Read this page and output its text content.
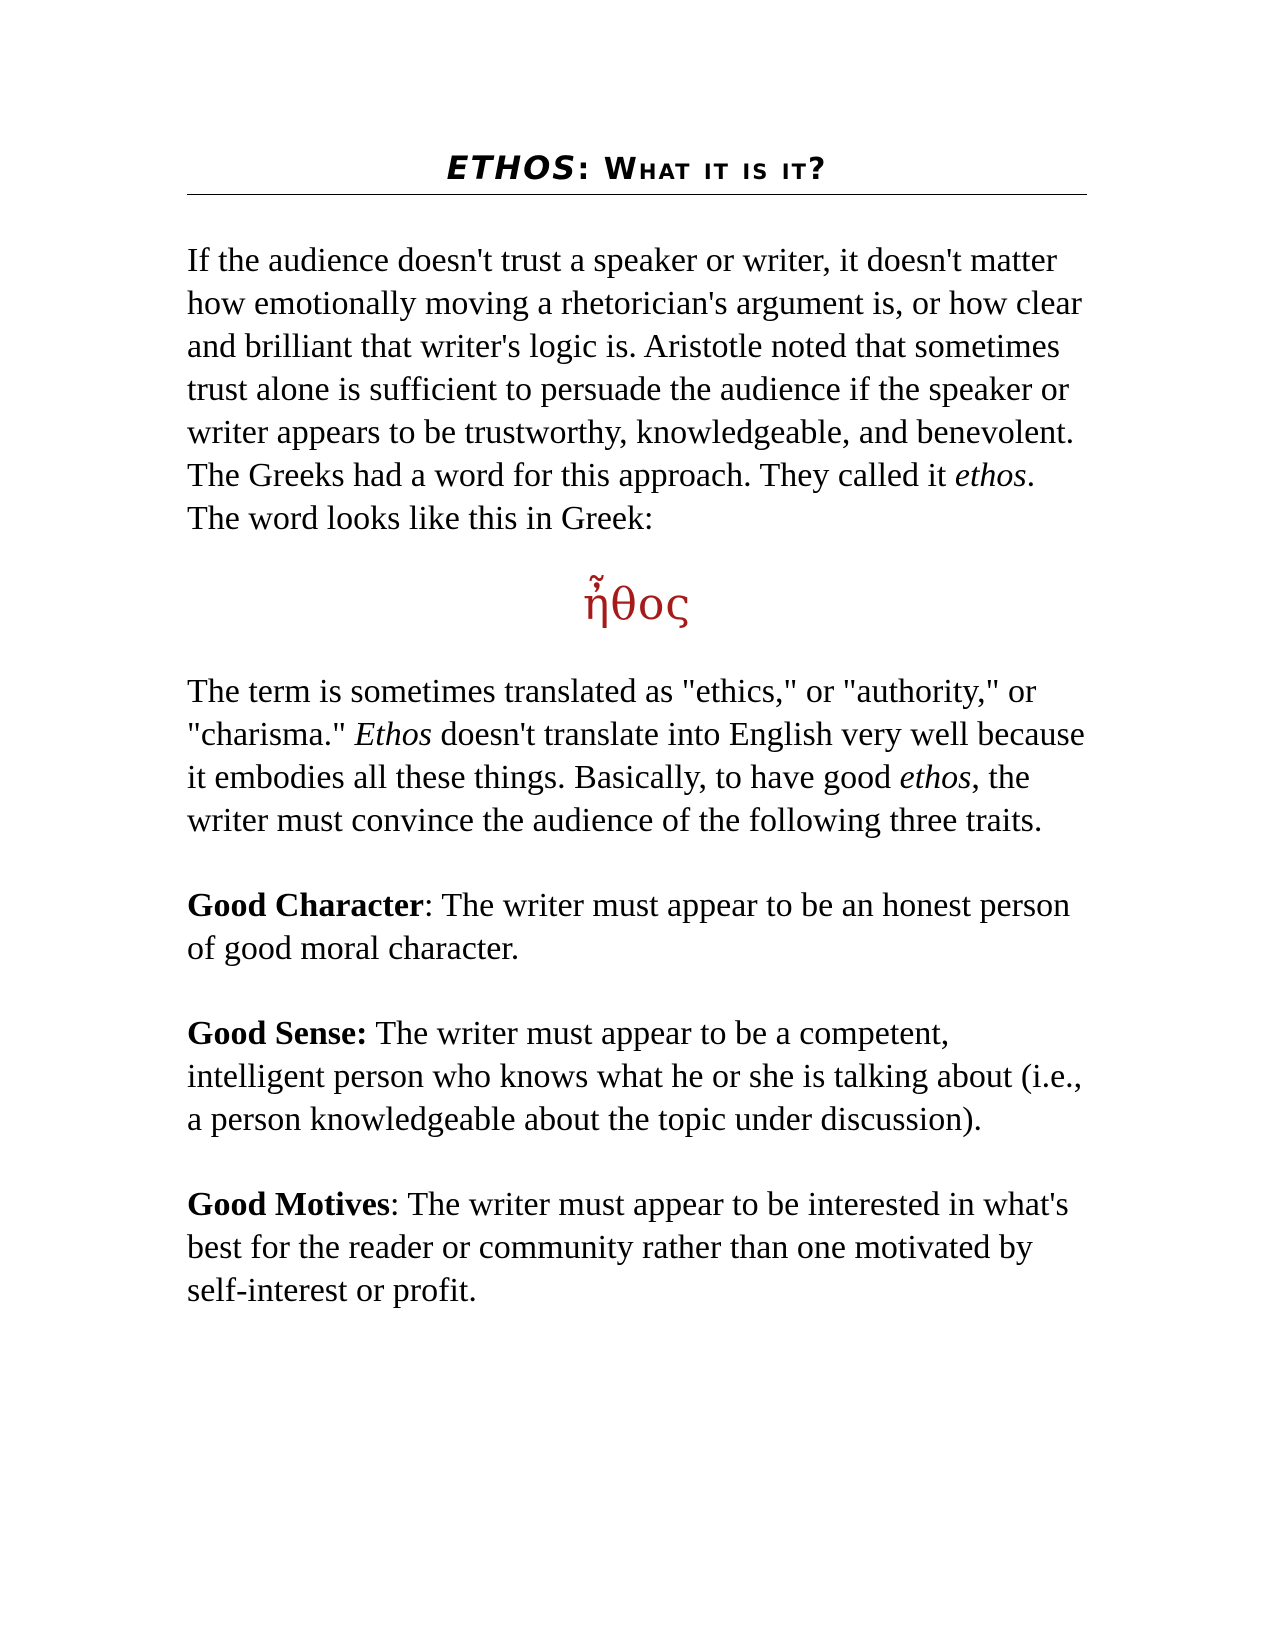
ETHOS: What it is it?

If the audience doesn't trust a speaker or writer, it doesn't matter how emotionally moving a rhetorician's argument is, or how clear and brilliant that writer's logic is. Aristotle noted that sometimes trust alone is sufficient to persuade the audience if the speaker or writer appears to be trustworthy, knowledgeable, and benevolent. The Greeks had a word for this approach. They called it ethos. The word looks like this in Greek:

ἦθος

The term is sometimes translated as "ethics," or "authority," or "charisma." Ethos doesn't translate into English very well because it embodies all these things. Basically, to have good ethos, the writer must convince the audience of the following three traits.

Good Character: The writer must appear to be an honest person of good moral character.

Good Sense: The writer must appear to be a competent, intelligent person who knows what he or she is talking about (i.e., a person knowledgeable about the topic under discussion).

Good Motives: The writer must appear to be interested in what's best for the reader or community rather than one motivated by self-interest or profit.
